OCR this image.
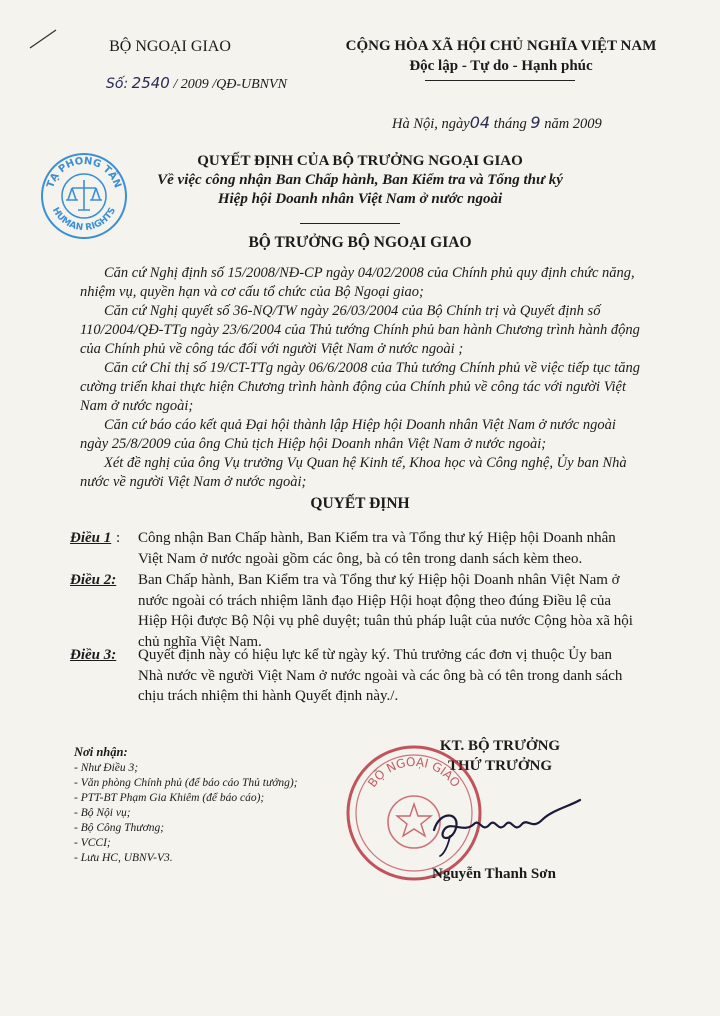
BỘ NGOẠI GIAO
Số: 2540 / 2009 /QĐ-UBNVN
CỘNG HÒA XÃ HỘI CHỦ NGHĨA VIỆT NAM
Độc lập - Tự do - Hạnh phúc
Hà Nội, ngày04 tháng 9 năm 2009
TẠ PHONG TẦN
HUMAN RIGHTS
QUYẾT ĐỊNH CỦA BỘ TRƯỞNG NGOẠI GIAO
Về việc công nhận Ban Chấp hành, Ban Kiểm tra và Tổng thư ký
Hiệp hội Doanh nhân Việt Nam ở nước ngoài
BỘ TRƯỞNG BỘ NGOẠI GIAO
Căn cứ Nghị định số 15/2008/NĐ-CP ngày 04/02/2008 của Chính phủ quy định chức năng, nhiệm vụ, quyền hạn và cơ cấu tổ chức của Bộ Ngoại giao;
Căn cứ Nghị quyết số 36-NQ/TW ngày 26/03/2004 của Bộ Chính trị và Quyết định số 110/2004/QĐ-TTg ngày 23/6/2004 của Thủ tướng Chính phủ ban hành Chương trình hành động của Chính phủ về công tác đối với người Việt Nam ở nước ngoài ;
Căn cứ Chỉ thị số 19/CT-TTg ngày 06/6/2008 của Thủ tướng Chính phủ về việc tiếp tục tăng cường triển khai thực hiện Chương trình hành động của Chính phủ về công tác với người Việt Nam ở nước ngoài;
Căn cứ báo cáo kết quả Đại hội thành lập Hiệp hội Doanh nhân Việt Nam ở nước ngoài ngày 25/8/2009 của ông Chủ tịch Hiệp hội Doanh nhân Việt Nam ở nước ngoài;
Xét đề nghị của ông Vụ trưởng Vụ Quan hệ Kinh tế, Khoa học và Công nghệ, Ủy ban Nhà nước về người Việt Nam ở nước ngoài;
QUYẾT ĐỊNH
Điều 1 : Công nhận Ban Chấp hành, Ban Kiểm tra và Tổng thư ký Hiệp hội Doanh nhân Việt Nam ở nước ngoài gồm các ông, bà có tên trong danh sách kèm theo.
Điều 2: Ban Chấp hành, Ban Kiểm tra và Tổng thư ký Hiệp hội Doanh nhân Việt Nam ở nước ngoài có trách nhiệm lãnh đạo Hiệp Hội hoạt động theo đúng Điều lệ của Hiệp Hội được Bộ Nội vụ phê duyệt; tuân thủ pháp luật của nước Cộng hòa xã hội chủ nghĩa Việt Nam.
Điều 3: Quyết định này có hiệu lực kể từ ngày ký. Thủ trưởng các đơn vị thuộc Ủy ban Nhà nước về người Việt Nam ở nước ngoài và các ông bà có tên trong danh sách chịu trách nhiệm thi hành Quyết định này./.
Nơi nhận:
- Như Điều 3;
- Văn phòng Chính phủ (để báo cáo Thủ tướng);
- PTT-BT Phạm Gia Khiêm (để báo cáo);
- Bộ Nội vụ;
- Bộ Công Thương;
- VCCI;
- Lưu HC, UBNV-V3.
KT. BỘ TRƯỞNG
THỨ TRƯỞNG
BỘ NGOẠI GIAO
Nguyễn Thanh Sơn
